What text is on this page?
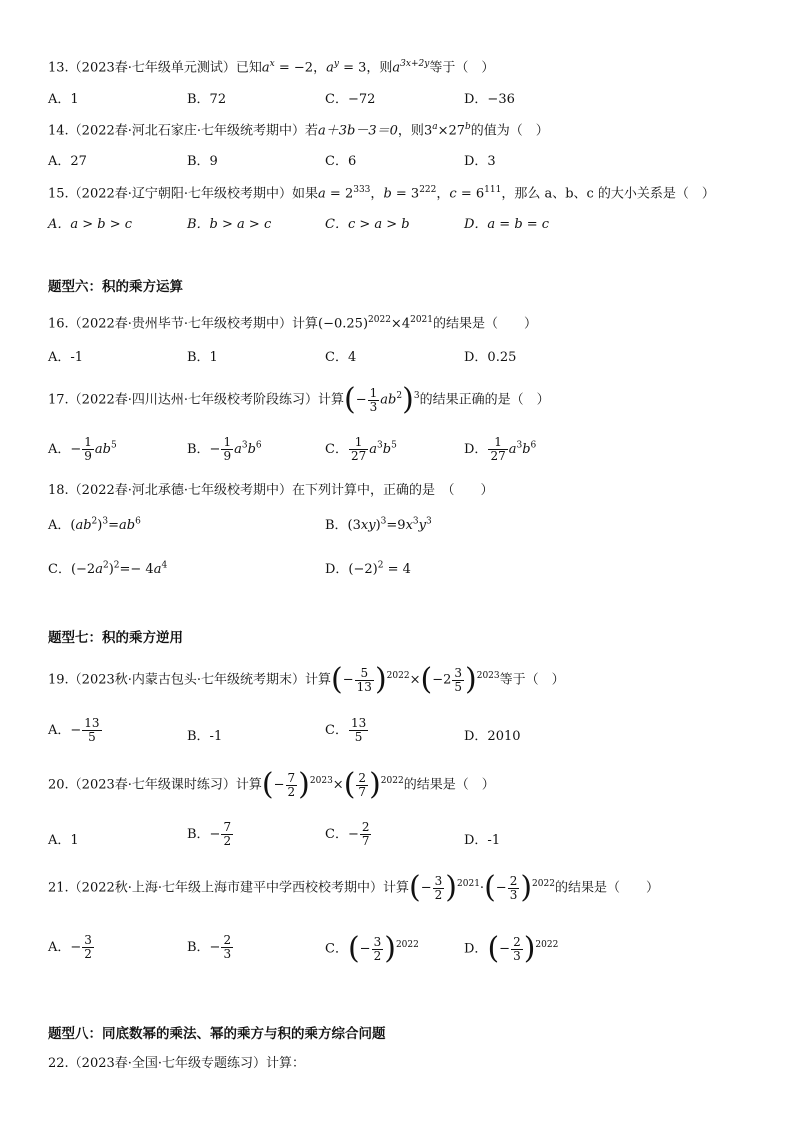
13.（2023春·七年级单元测试）已知$a^x = -2$，$a^y = 3$，则$a^{3x+2y}$等于（　）
A．1	B．72	C．−72	D．−36
14.（2022春·河北石家庄·七年级统考期中）若a＋3b－3＝0，则$3^a\times 27^b$的值为（　）
A．27	B．9	C．6	D．3
15.（2022春·辽宁朝阳·七年级校考期中）如果$a = 2^{333}$，$b = 3^{222}$，$c = 6^{111}$，那么 a、b、c 的大小关系是（　）
A．a > b > c	B．b > a > c	C．c > a > b	D．a = b = c
题型六：积的乘方运算
16.（2022春·贵州毕节·七年级校考期中）计算$(-0.25)^{2022}\times 4^{2021}$的结果是（　　）
A．-1	B．1	C．4	D．0.25
17.（2022春·四川达州·七年级校考阶段练习）计算(− $\frac{1}{3} ab^2)^3$的结果正确的是（　）
A．− $\frac{1}{9} ab^5$	B．− $\frac{1}{9} a^3b^6$	C． $\frac{1}{27} a^3b^5$	D． $\frac{1}{27} a^3b^6$
18.（2022春·河北承德·七年级校考期中）在下列计算中，正确的是　（　　）
A．$(ab^2)^3=ab^6$	B．$(3xy)^3=9x^3y^3$
C．$(-2a^2)^2=- 4a^4$	D．$(-2)^2 = 4$
题型七：积的乘方逆用
19.（2023秋·内蒙古包头·七年级统考期末）计算(− $\frac{5}{13} )^{2022}\times(-2 \frac{3}{5} )^{2023}$等于（　）
A．− $\frac{13}{5}$	B．-1	C． $\frac{13}{5}$	D．2010
20.（2023春·七年级课时练习）计算(− $\frac{7}{2} )^{2023}\times( \frac{2}{7} )^{2022}$的结果是（　）
A．1	B．− $\frac{7}{2}$	C．− $\frac{2}{7}$	D．-1
21.（2022秋·上海·七年级上海市建平中学西校校考期中）计算(− $\frac{3}{2} )^{2021}\cdot(- \frac{2}{3} )^{2022}$的结果是（　　）
A．− $\frac{3}{2}$	B．− $\frac{2}{3}$	C．(− $\frac{3}{2} )^{2022}$	D．(− $\frac{2}{3} )^{2022}$
题型八：同底数幂的乘法、幂的乘方与积的乘方综合问题
22.（2023春·全国·七年级专题练习）计算：
